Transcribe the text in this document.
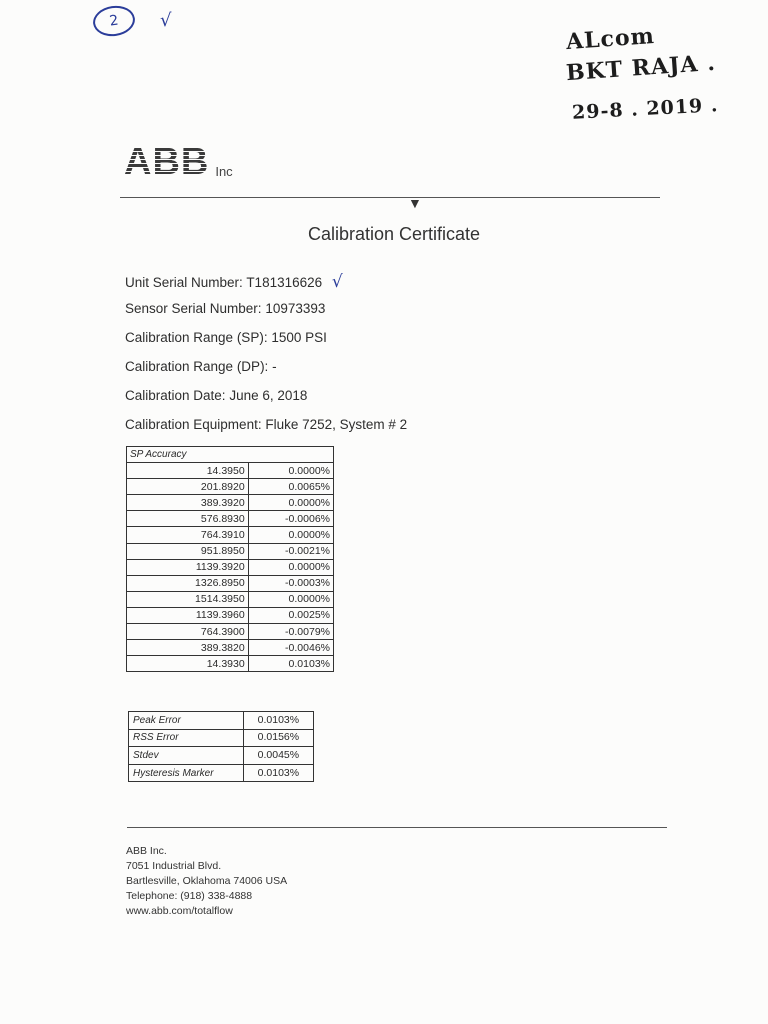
2 √
ALcom
BKT RAJA .
29-8 . 2019 .
ABB Inc
▼
Calibration Certificate
Unit Serial Number: T181316626 √
Sensor Serial Number: 10973393
Calibration Range (SP): 1500 PSI
Calibration Range (DP): -
Calibration Date: June 6, 2018
Calibration Equipment: Fluke 7252, System # 2
SP Accuracy	
14.3950	0.0000%
201.8920	0.0065%
389.3920	0.0000%
576.8930	-0.0006%
764.3910	0.0000%
951.8950	-0.0021%
1139.3920	0.0000%
1326.8950	-0.0003%
1514.3950	0.0000%
1139.3960	0.0025%
764.3900	-0.0079%
389.3820	-0.0046%
14.3930	0.0103%
Peak Error	0.0103%
RSS Error	0.0156%
Stdev	0.0045%
Hysteresis Marker	0.0103%
ABB Inc.
7051 Industrial Blvd.
Bartlesville, Oklahoma 74006 USA
Telephone: (918) 338-4888
www.abb.com/totalflow
